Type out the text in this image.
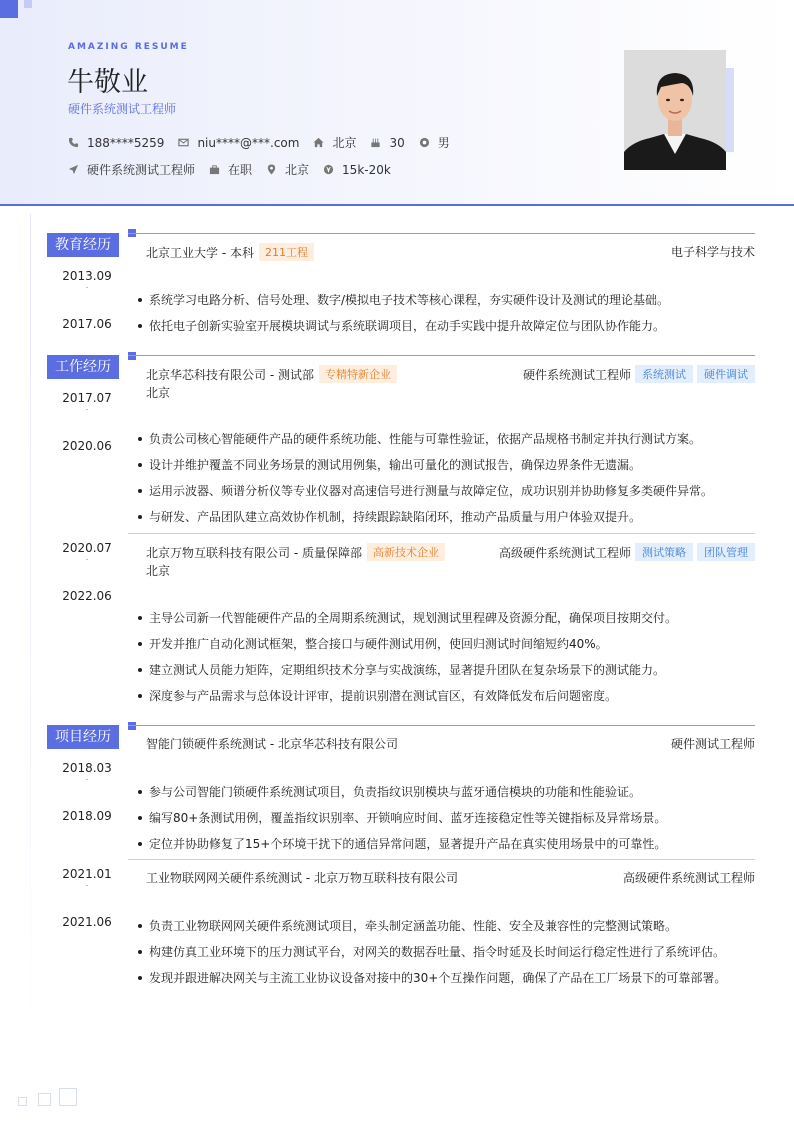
AMAZING RESUME
牛敬业
硬件系统测试工程师
188****5259	niu****@***.com	北京	30	男
硬件系统测试工程师	在职	北京	15k-20k
教育经历
2013.09
-

2017.06
北京工业大学 - 本科	211工程	电子科学与技术
系统学习电路分析、信号处理、数字/模拟电子技术等核心课程，夯实硬件设计及测试的理论基础。
依托电子创新实验室开展模块调试与系统联调项目，在动手实践中提升故障定位与团队协作能力。
工作经历
2017.07
-

2020.06
北京华芯科技有限公司 - 测试部	专精特新企业	硬件系统测试工程师	系统测试	硬件调试
北京
负责公司核心智能硬件产品的硬件系统功能、性能与可靠性验证，依据产品规格书制定并执行测试方案。
设计并维护覆盖不同业务场景的测试用例集，输出可量化的测试报告，确保边界条件无遗漏。
运用示波器、频谱分析仪等专业仪器对高速信号进行测量与故障定位，成功识别并协助修复多类硬件异常。
与研发、产品团队建立高效协作机制，持续跟踪缺陷闭环，推动产品质量与用户体验双提升。
2020.07
-

2022.06
北京万物互联科技有限公司 - 质量保障部	高新技术企业	高级硬件系统测试工程师	测试策略	团队管理
北京
主导公司新一代智能硬件产品的全周期系统测试，规划测试里程碑及资源分配，确保项目按期交付。
开发并推广自动化测试框架，整合接口与硬件测试用例，使回归测试时间缩短约40%。
建立测试人员能力矩阵，定期组织技术分享与实战演练，显著提升团队在复杂场景下的测试能力。
深度参与产品需求与总体设计评审，提前识别潜在测试盲区，有效降低发布后问题密度。
项目经历
2018.03
-

2018.09
智能门锁硬件系统测试 - 北京华芯科技有限公司	硬件测试工程师
参与公司智能门锁硬件系统测试项目，负责指纹识别模块与蓝牙通信模块的功能和性能验证。
编写80+条测试用例，覆盖指纹识别率、开锁响应时间、蓝牙连接稳定性等关键指标及异常场景。
定位并协助修复了15+个环境干扰下的通信异常问题，显著提升产品在真实使用场景中的可靠性。
2021.01
-

2021.06
工业物联网网关硬件系统测试 - 北京万物互联科技有限公司	高级硬件系统测试工程师
负责工业物联网网关硬件系统测试项目，牵头制定涵盖功能、性能、安全及兼容性的完整测试策略。
构建仿真工业环境下的压力测试平台，对网关的数据吞吐量、指令时延及长时间运行稳定性进行了系统评估。
发现并跟进解决网关与主流工业协议设备对接中的30+个互操作问题，确保了产品在工厂场景下的可靠部署。
